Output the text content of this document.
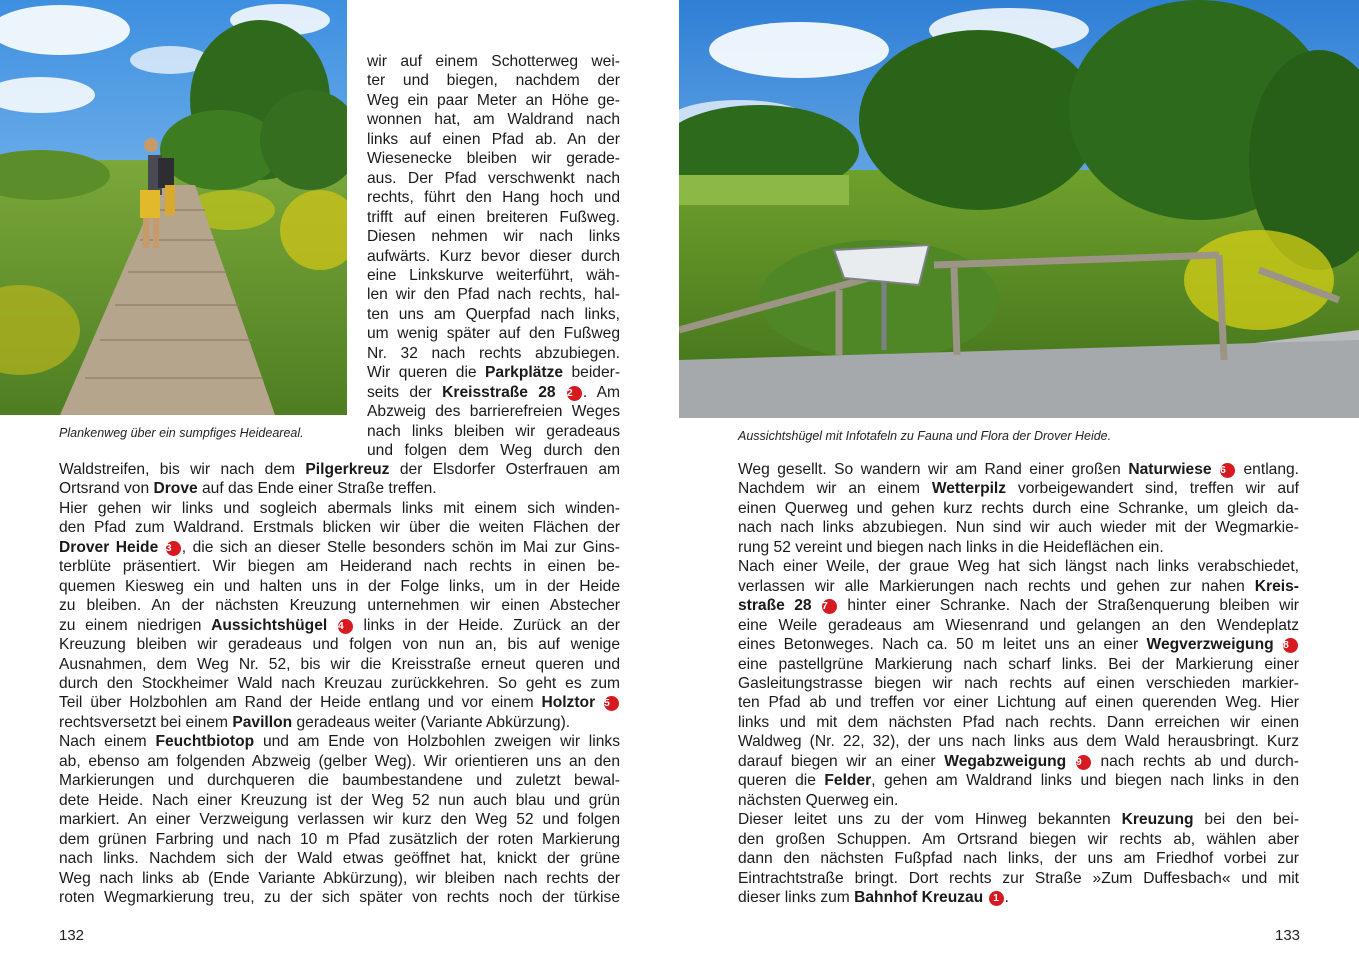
Plankenweg über ein sumpfiges Heideareal.

wir auf einem Schotterweg wei-

ter und biegen, nachdem der

Weg ein paar Meter an Höhe ge-

wonnen hat, am Waldrand nach

links auf einen Pfad ab. An der

Wiesenecke bleiben wir gerade-

aus. Der Pfad verschwenkt nach

rechts, führt den Hang hoch und

trifft auf einen breiteren Fußweg.

Diesen nehmen wir nach links

aufwärts. Kurz bevor dieser durch

eine Linkskurve weiterführt, wäh-

len wir den Pfad nach rechts, hal-

ten uns am Querpfad nach links,

um wenig später auf den Fußweg

Nr. 32 nach rechts abzubiegen.

Wir queren die Parkplätze beider-

seits der Kreisstraße 28 2 . Am

Abzweig des barrierefreien Weges

nach links bleiben wir geradeaus

und folgen dem Weg durch den

Waldstreifen, bis wir nach dem Pilgerkreuz der Elsdorfer Osterfrauen am

Ortsrand von Drove auf das Ende einer Straße treffen.

Hier gehen wir links und sogleich abermals links mit einem sich winden-

den Pfad zum Waldrand. Erstmals blicken wir über die weiten Flächen der

Drover Heide 3 , die sich an dieser Stelle besonders schön im Mai zur Gins-

terblüte präsentiert. Wir biegen am Heiderand nach rechts in einen be-

quemen Kiesweg ein und halten uns in der Folge links, um in der Heide

zu bleiben. An der nächsten Kreuzung unternehmen wir einen Abstecher

zu einem niedrigen Aussichtshügel 4 links in der Heide. Zurück an der

Kreuzung bleiben wir geradeaus und folgen von nun an, bis auf wenige

Ausnahmen, dem Weg Nr. 52, bis wir die Kreisstraße erneut queren und

durch den Stockheimer Wald nach Kreuzau zurückkehren. So geht es zum

Teil über Holzbohlen am Rand der Heide entlang und vor einem Holztor 5

rechtsversetzt bei einem Pavillon geradeaus weiter (Variante Abkürzung).

Nach einem Feuchtbiotop und am Ende von Holzbohlen zweigen wir links

ab, ebenso am folgenden Abzweig (gelber Weg). Wir orientieren uns an den

Markierungen und durchqueren die baumbestandene und zuletzt bewal-

dete Heide. Nach einer Kreuzung ist der Weg 52 nun auch blau und grün

markiert. An einer Verzweigung verlassen wir kurz den Weg 52 und folgen

dem grünen Farbring und nach 10 m Pfad zusätzlich der roten Markierung

nach links. Nachdem sich der Wald etwas geöffnet hat, knickt der grüne

Weg nach links ab (Ende Variante Abkürzung), wir bleiben nach rechts der

roten Wegmarkierung treu, zu der sich später von rechts noch der türkise

132
Aussichtshügel mit Infotafeln zu Fauna und Flora der Drover Heide.

Weg gesellt. So wandern wir am Rand einer großen Naturwiese 6 entlang.

Nachdem wir an einem Wetterpilz vorbeigewandert sind, treffen wir auf

einen Querweg und gehen kurz rechts durch eine Schranke, um gleich da-

nach nach links abzubiegen. Nun sind wir auch wieder mit der Wegmarkie-

rung 52 vereint und biegen nach links in die Heideflächen ein.

Nach einer Weile, der graue Weg hat sich längst nach links verabschiedet,

verlassen wir alle Markierungen nach rechts und gehen zur nahen Kreis-

straße 28 7 hinter einer Schranke. Nach der Straßenquerung bleiben wir

eine Weile geradeaus am Wiesenrand und gelangen an den Wendeplatz

eines Betonweges. Nach ca. 50 m leitet uns an einer Wegverzweigung 8

eine pastellgrüne Markierung nach scharf links. Bei der Markierung einer

Gasleitungstrasse biegen wir nach rechts auf einen verschieden markier-

ten Pfad ab und treffen vor einer Lichtung auf einen querenden Weg. Hier

links und mit dem nächsten Pfad nach rechts. Dann erreichen wir einen

Waldweg (Nr. 22, 32), der uns nach links aus dem Wald herausbringt. Kurz

darauf biegen wir an einer Wegabzweigung 9 nach rechts ab und durch-

queren die Felder, gehen am Waldrand links und biegen nach links in den

nächsten Querweg ein.

Dieser leitet uns zu der vom Hinweg bekannten Kreuzung bei den bei-

den großen Schuppen. Am Ortsrand biegen wir rechts ab, wählen aber

dann den nächsten Fußpfad nach links, der uns am Friedhof vorbei zur

Eintrachtstraße bringt. Dort rechts zur Straße »Zum Duffesbach« und mit

dieser links zum Bahnhof Kreuzau 1 .

133
